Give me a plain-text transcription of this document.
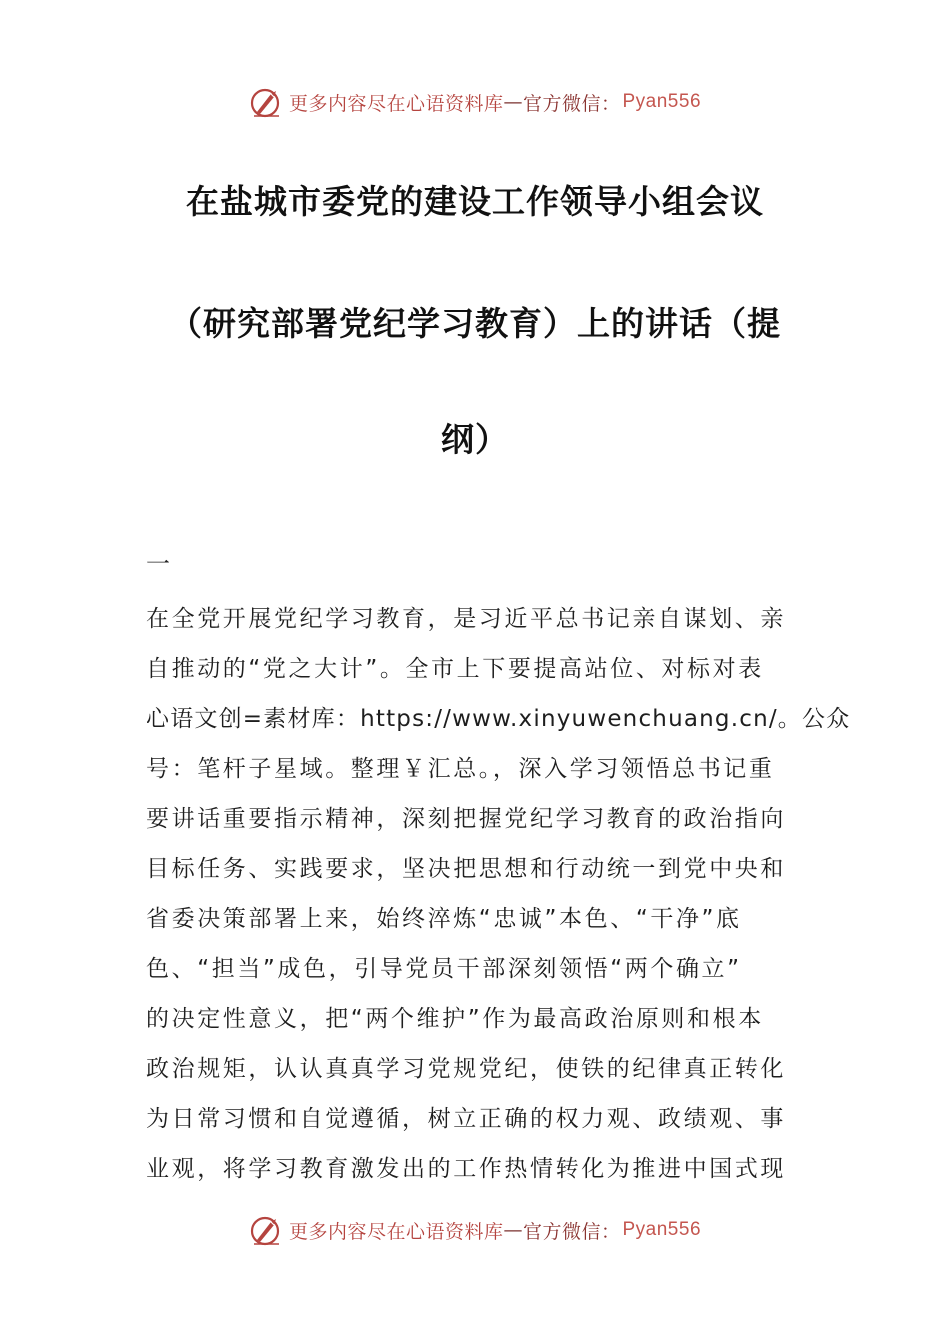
更多内容尽在心语资料库 — 官方微信： Pyan556
在盐城市委党的建设工作领导小组会议
（研究部署党纪学习教育）上的讲话（提
纲）
一
在全党开展党纪学习教育，是习近平总书记亲自谋划、亲
自推动的“党之大计”。全市上下要提高站位、对标对表
心语文创=素材库：https://www.xinyuwenchuang.cn/。公众
号：笔杆子星域。整理￥汇总。，深入学习领悟总书记重
要讲话重要指示精神，深刻把握党纪学习教育的政治指向
目标任务、实践要求，坚决把思想和行动统一到党中央和
省委决策部署上来，始终淬炼“忠诚”本色、“干净”底
色、“担当”成色，引导党员干部深刻领悟“两个确立”
的决定性意义，把“两个维护”作为最高政治原则和根本
政治规矩，认认真真学习党规党纪，使铁的纪律真正转化
为日常习惯和自觉遵循，树立正确的权力观、政绩观、事
业观，将学习教育激发出的工作热情转化为推进中国式现
更多内容尽在心语资料库 — 官方微信： Pyan556
